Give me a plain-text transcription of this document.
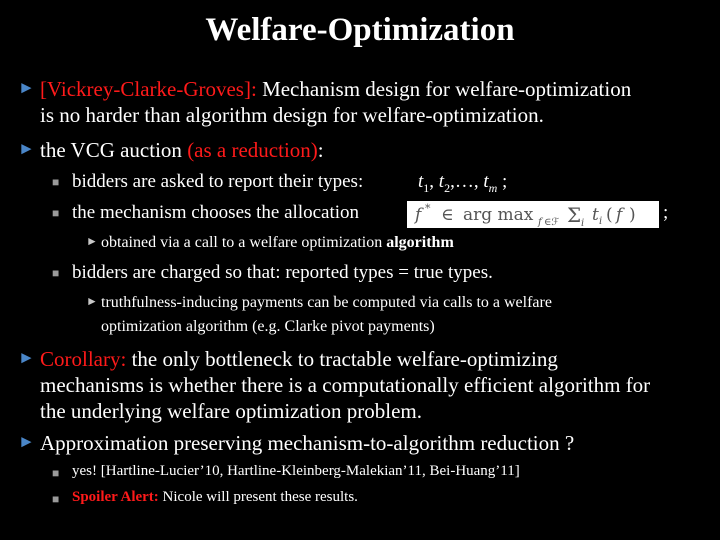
Welfare-Optimization
► [Vickrey-Clarke-Groves]: Mechanism design for welfare-optimization
is no harder than algorithm design for welfare-optimization.
► the VCG auction (as a reduction):
■ bidders are asked to report their types:	$t_1$, $t_2,\dots$, $t_m$ ;
■ the mechanism chooses the allocation	f * ∈ arg max f ∈ℱ Σ i t i ( f ) ;
► obtained via a call to a welfare optimization algorithm
■ bidders are charged so that: reported types = true types.
► truthfulness-inducing payments can be computed via calls to a welfare
optimization algorithm (e.g. Clarke pivot payments)
► Corollary: the only bottleneck to tractable welfare-optimizing
mechanisms is whether there is a computationally efficient algorithm for
the underlying welfare optimization problem.
► Approximation preserving mechanism-to-algorithm reduction ?
■ yes! [Hartline-Lucier’10, Hartline-Kleinberg-Malekian’11, Bei-Huang’11]
■ Spoiler Alert: Nicole will present these results.
